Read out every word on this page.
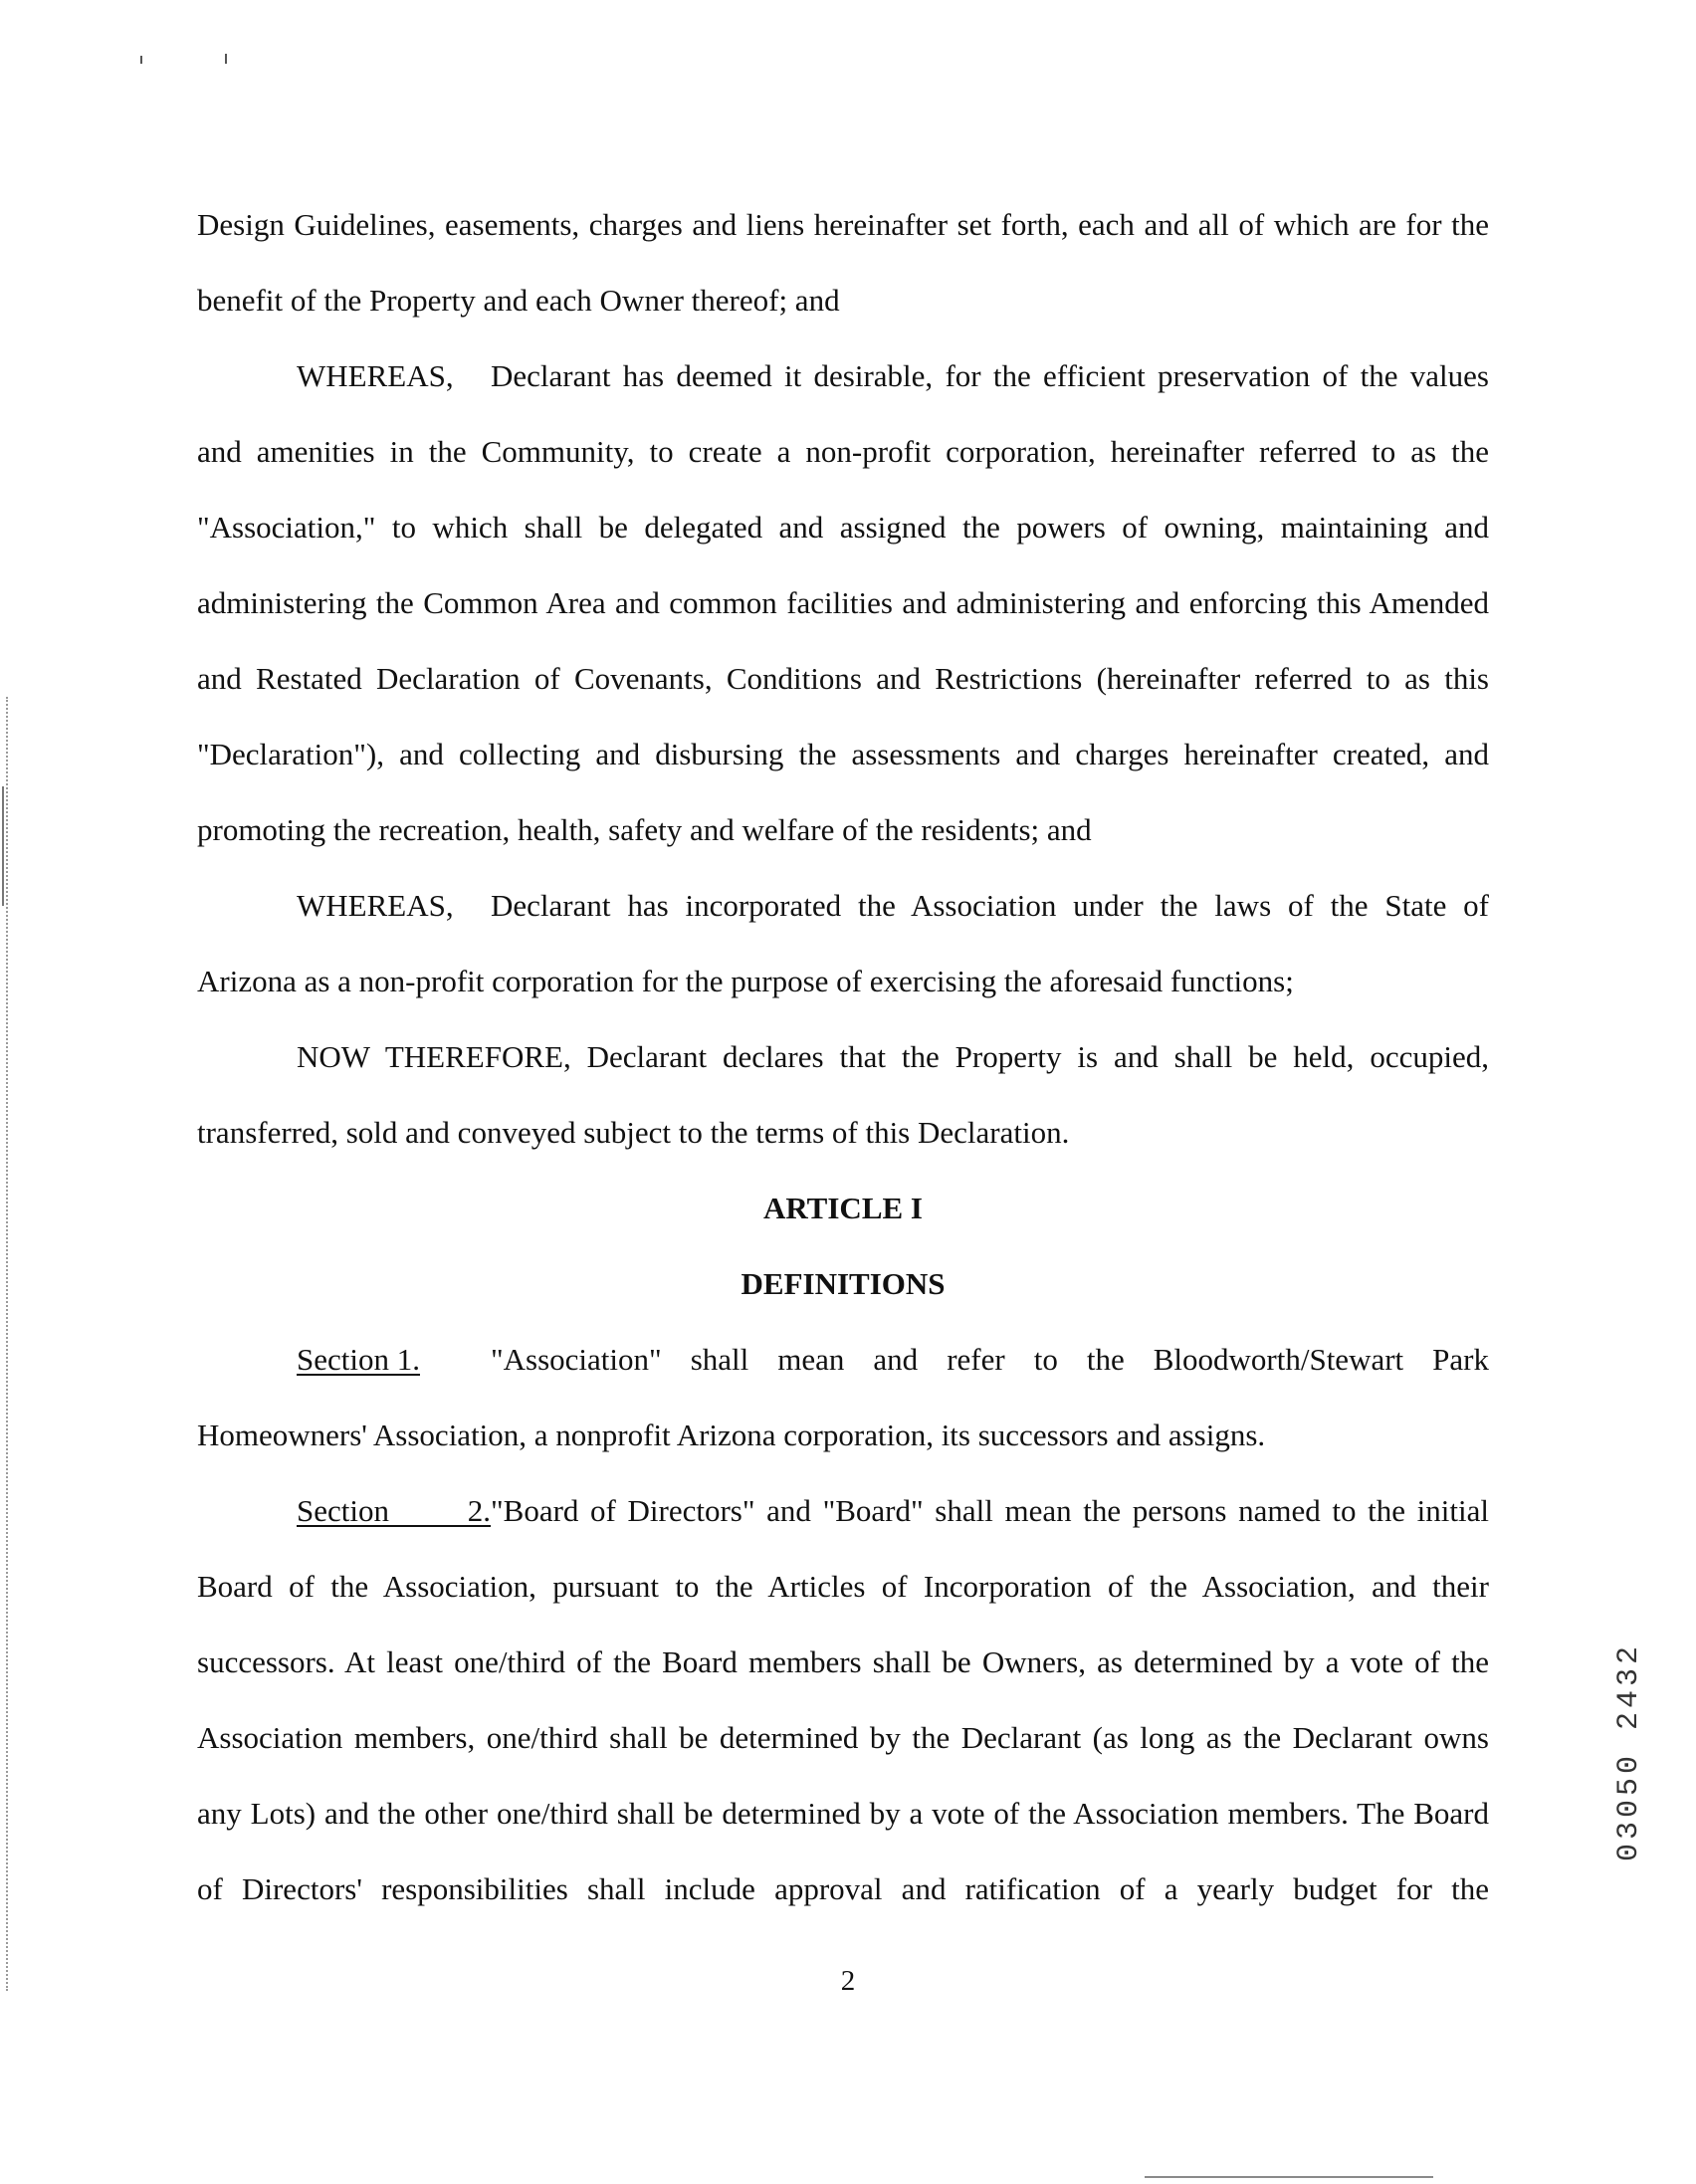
Design Guidelines, easements, charges and liens hereinafter set forth, each and all of which are for the benefit of the Property and each Owner thereof; and

WHEREAS, Declarant has deemed it desirable, for the efficient preservation of the values and amenities in the Community, to create a non-profit corporation, hereinafter referred to as the "Association," to which shall be delegated and assigned the powers of owning, maintaining and administering the Common Area and common facilities and administering and enforcing this Amended and Restated Declaration of Covenants, Conditions and Restrictions (hereinafter referred to as this "Declaration"), and collecting and disbursing the assessments and charges hereinafter created, and promoting the recreation, health, safety and welfare of the residents; and

WHEREAS, Declarant has incorporated the Association under the laws of the State of Arizona as a non-profit corporation for the purpose of exercising the aforesaid functions;

NOW THEREFORE, Declarant declares that the Property is and shall be held, occupied, transferred, sold and conveyed subject to the terms of this Declaration.

ARTICLE I

DEFINITIONS

Section 1. "Association" shall mean and refer to the Bloodworth/Stewart Park Homeowners' Association, a nonprofit Arizona corporation, its successors and assigns.

Section 2."Board of Directors" and "Board" shall mean the persons named to the initial Board of the Association, pursuant to the Articles of Incorporation of the Association, and their successors. At least one/third of the Board members shall be Owners, as determined by a vote of the Association members, one/third shall be determined by the Declarant (as long as the Declarant owns any Lots) and the other one/third shall be determined by a vote of the Association members. The Board of Directors' responsibilities shall include approval and ratification of a yearly budget for the

2
03050 2432
